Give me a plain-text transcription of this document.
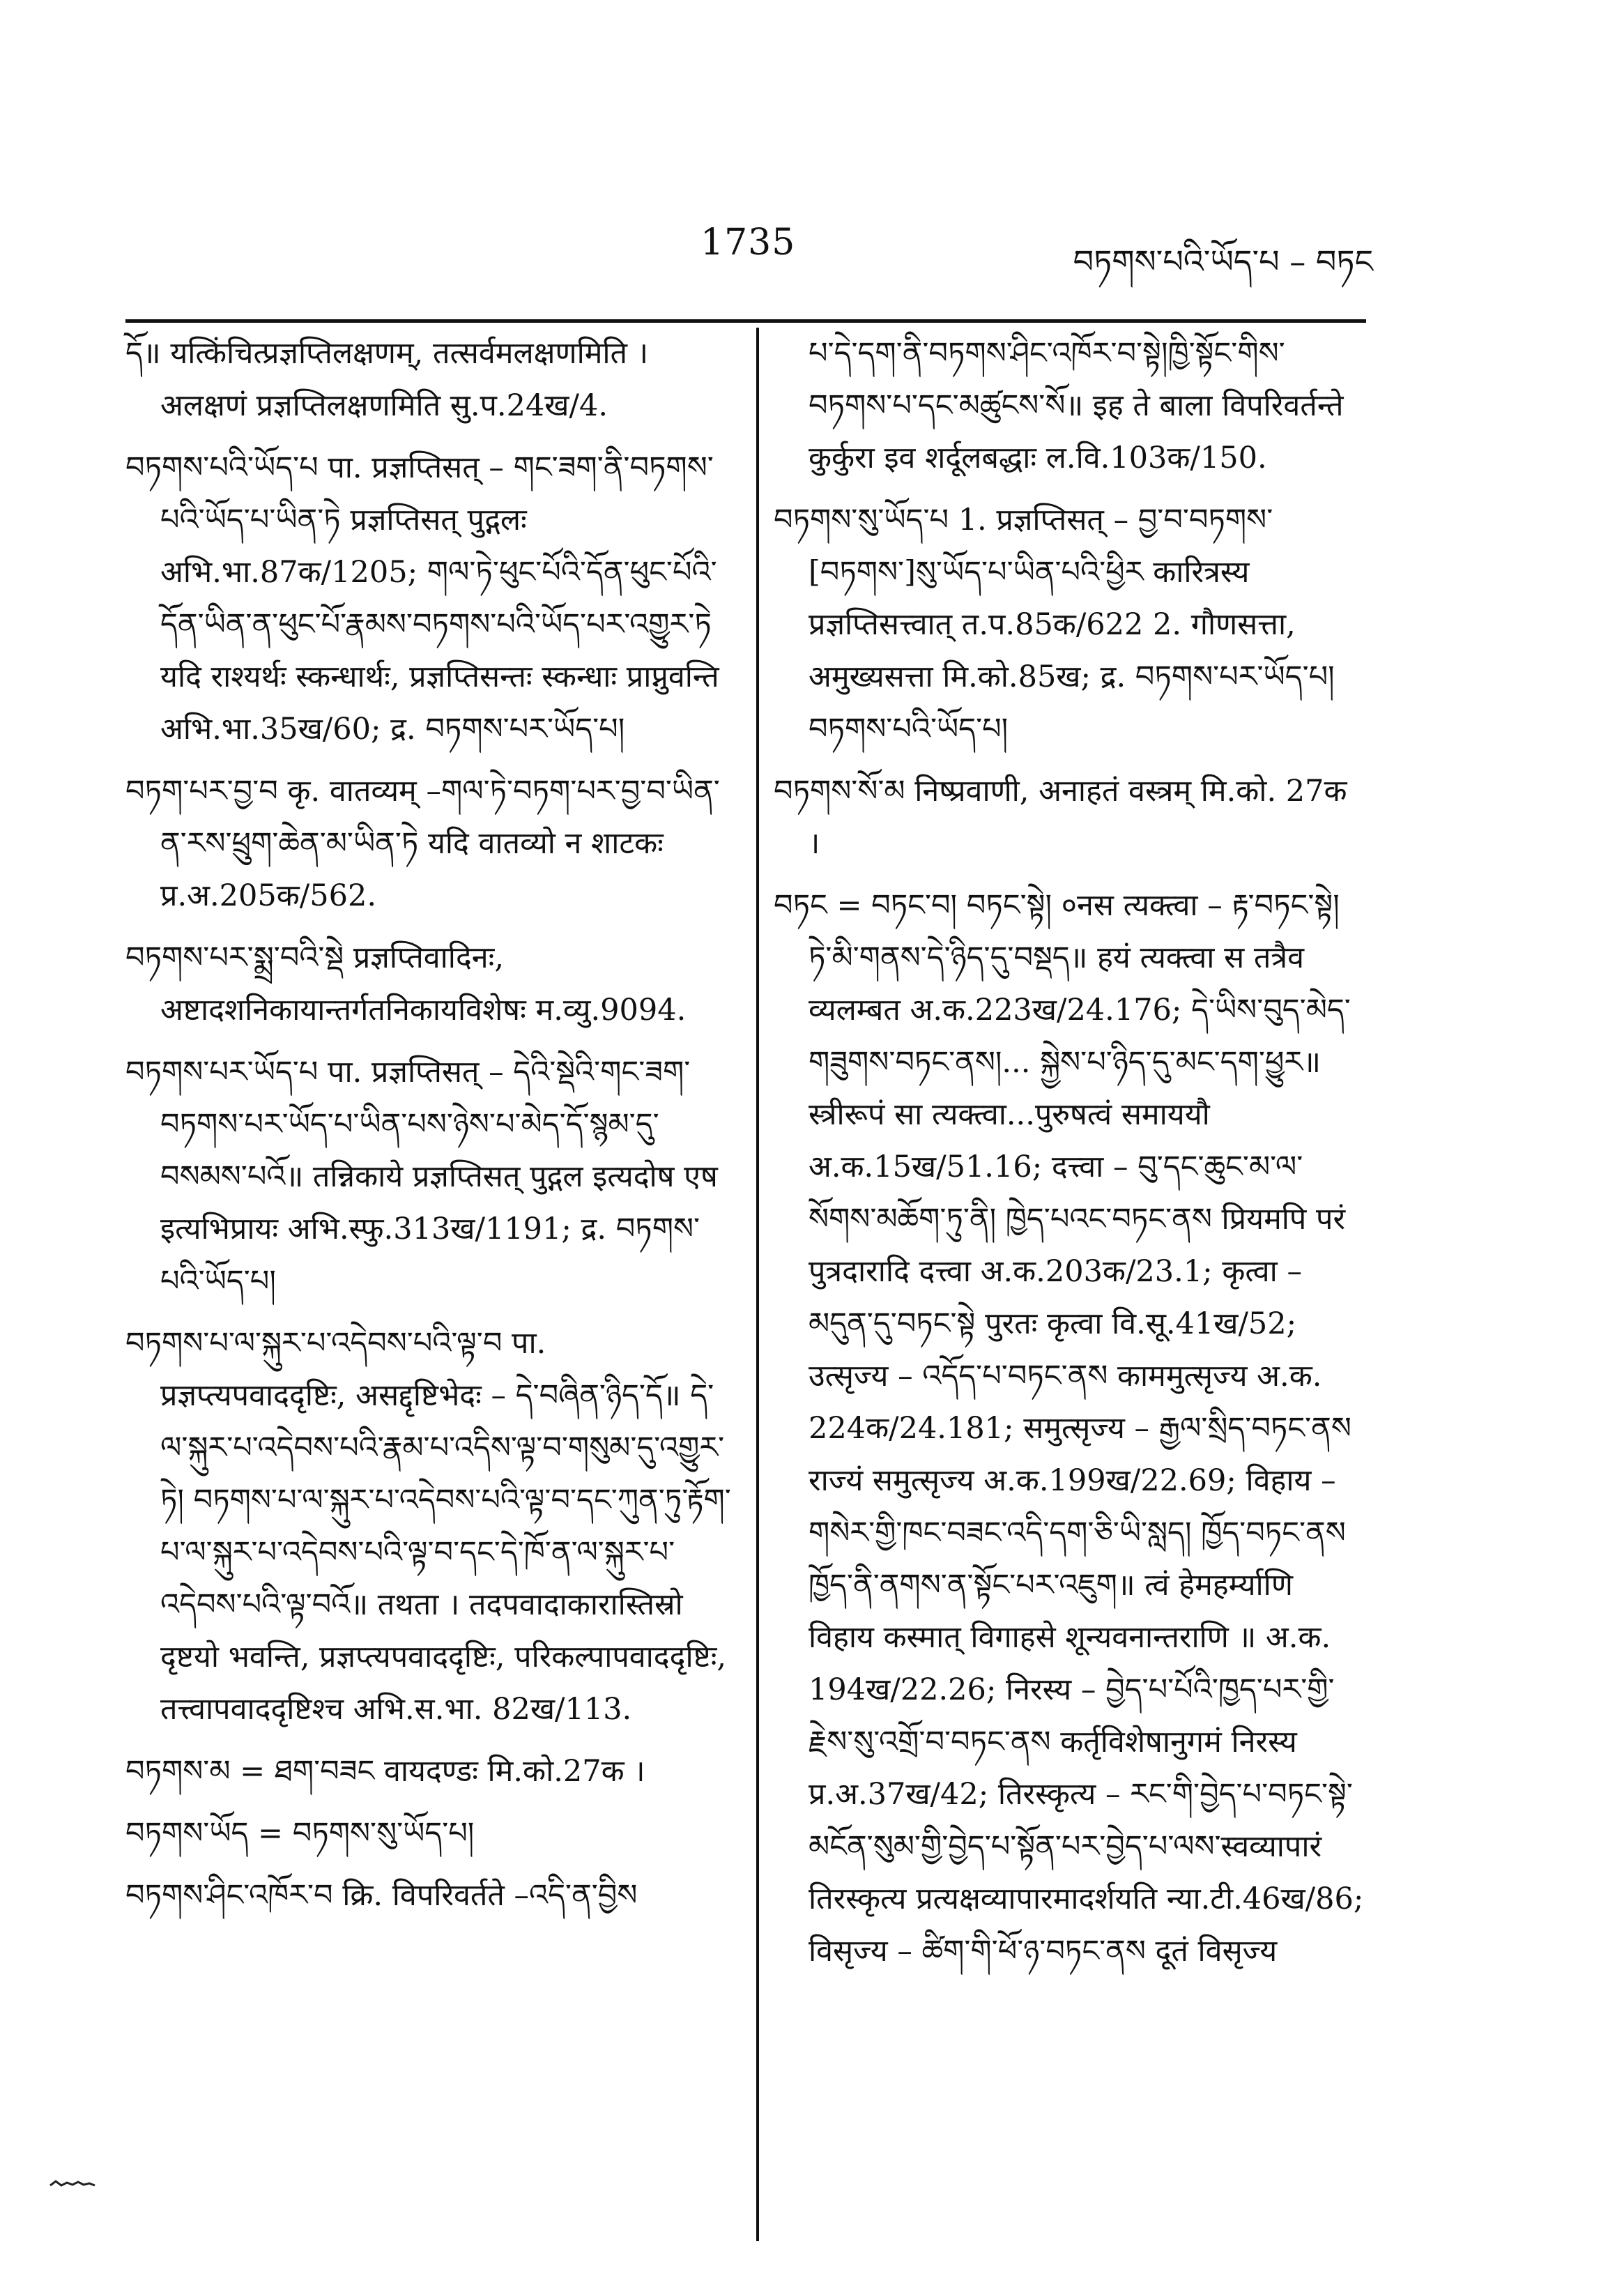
1735	བཏགས་པའི་ཡོད་པ – བཏང

དོ॥ यत्किंचित्प्रज्ञप्तिलक्षणम्, तत्सर्वमलक्षणमिति । अलक्षणं प्रज्ञप्तिलक्षणमिति सु.प.24ख/4.

བཏགས་པའི་ཡོད་པ पा. प्रज्ञप्तिसत् – གང་ཟག་ནི་བཏགས་པའི་ཡོད་པ་ཡིན་ཏེ प्रज्ञप्तिसत् पुद्गलः अभि.भा.87क/1205; གལ་ཏེ་ཕུང་པོའི་དོན་ཕུང་པོའི་དོན་ཡིན་ན་ཕུང་པོ་རྣམས་བཏགས་པའི་ཡོད་པར་འགྱུར་ཏེ यदि राश्यर्थः स्कन्धार्थः, प्रज्ञप्तिसन्तः स्कन्धाः प्राप्नुवन्ति अभि.भा.35ख/60; द्र. བཏགས་པར་ཡོད་པ།

བཏག་པར་བྱ་བ कृ. वातव्यम् –གལ་ཏེ་བཏག་པར་བྱ་བ་ཡིན་ན་རས་ཕྲུག་ཆེན་མ་ཡིན་ཏེ यदि वातव्यो न शाटकः प्र.अ.205क/562.

བཏགས་པར་སྨྲ་བའི་སྡེ प्रज्ञप्तिवादिनः, अष्टादशनिकायान्तर्गतनिकायविशेषः म.व्यु.9094.

བཏགས་པར་ཡོད་པ पा. प्रज्ञप्तिसत् – དེའི་སྡེའི་གང་ཟག་བཏགས་པར་ཡོད་པ་ཡིན་པས་ཉེས་པ་མེད་དོ་སྙམ་དུ་བསམས་པའོ॥ तन्निकाये प्रज्ञप्तिसत् पुद्गल इत्यदोष एष इत्यभिप्रायः अभि.स्फु.313ख/1191; द्र. བཏགས་པའི་ཡོད་པ།

བཏགས་པ་ལ་སྐུར་པ་འདེབས་པའི་ལྟ་བ पा. प्रज्ञप्त्यपवाददृष्टिः, असद्दृष्टिभेदः – དེ་བཞིན་ཉིད་དོ॥ དེ་ལ་སྐུར་པ་འདེབས་པའི་རྣམ་པ་འདིས་ལྟ་བ་གསུམ་དུ་འགྱུར་ཏེ། བཏགས་པ་ལ་སྐུར་པ་འདེབས་པའི་ལྟ་བ་དང་ཀུན་ཏུ་རྟོག་པ་ལ་སྐུར་པ་འདེབས་པའི་ལྟ་བ་དང་དེ་ཁོ་ན་ལ་སྐུར་པ་འདེབས་པའི་ལྟ་བའོ॥ तथता । तदपवादाकारास्तिस्रो दृष्टयो भवन्ति, प्रज्ञप्त्यपवाददृष्टिः, परिकल्पापवाददृष्टिः, तत्त्वापवाददृष्टिश्च अभि.स.भा. 82ख/113.

བཏགས་མ = ཐག་བཟང वायदण्डः मि.को.27क ।

བཏགས་ཡོད = བཏགས་སུ་ཡོད་པ།

བཏགས་ཤིང་འཁོར་བ क्रि. विपरिवर्तते –འདི་ན་བྱིས

པ་དེ་དག་ནི་བཏགས་ཤིང་འཁོར་བ་སྟེ།ཁྱི་སྟོང་གིས་བཏགས་པ་དང་མཚུངས་སོ॥ इह ते बाला विपरिवर्तन्ते कुर्कुरा इव शर्दूलबद्धाः ल.वि.103क/150.

བཏགས་སུ་ཡོད་པ 1. प्रज्ञप्तिसत् – བྱ་བ་བཏགས་[བཏགས་]སུ་ཡོད་པ་ཡིན་པའི་ཕྱིར कारित्रस्य प्रज्ञप्तिसत्त्वात् त.प.85क/622 2. गौणसत्ता, अमुख्यसत्ता मि.को.85ख; द्र. བཏགས་པར་ཡོད་པ། བཏགས་པའི་ཡོད་པ།

བཏགས་སོ་མ निष्प्रवाणी, अनाहतं वस्त्रम् मि.को. 27क ।

བཏང = བཏང་བ། བཏང་སྟེ། ०नस त्यक्त्वा – རྟ་བཏང་སྟེ། ཏེ་མི་གནས་དེ་ཉིད་དུ་བསྡད॥ हयं त्यक्त्वा स तत्रैव व्यलम्बत अ.क.223ख/24.176; དེ་ཡིས་བུད་མེད་གཟུགས་བཏང་ནས།... སྐྱེས་པ་ཉིད་དུ་མང་དག་ཕྱུར॥ स्त्रीरूपं सा त्यक्त्वा...पुरुषत्वं समाययौ अ.क.15ख/51.16; दत्त्वा – བུ་དང་ཆུང་མ་ལ་སོགས་མཆོག་ཏུ་ནི། ཁྱེད་པའང་བཏང་ནས प्रियमपि परं पुत्रदारादि दत्त्वा अ.क.203क/23.1; कृत्वा – མདུན་དུ་བཏང་སྟེ पुरतः कृत्वा वि.सू.41ख/52; उत्सृज्य – འདོད་པ་བཏང་ནས काममुत्सृज्य अ.क. 224क/24.181; समुत्सृज्य – རྒྱལ་སྲིད་བཏང་ནས राज्यं समुत्सृज्य अ.क.199ख/22.69; विहाय – གསེར་གྱི་ཁང་བཟང་འདི་དག་ཅི་ཡི་སླད། ཁྱོད་བཏང་ནས ཁྱོད་ནི་ནགས་ན་སྟོང་པར་འཇུག॥ त्वं हेमहर्म्याणि विहाय कस्मात् विगाहसे शून्यवनान्तराणि ॥ अ.क. 194ख/22.26; निरस्य – བྱེད་པ་པོའི་ཁྱད་པར་གྱི་རྗེས་སུ་འགྲོ་བ་བཏང་ནས कर्तृविशेषानुगमं निरस्य प्र.अ.37ख/42; तिरस्कृत्य – རང་གི་བྱེད་པ་བཏང་སྟེ་མངོན་སུམ་གྱི་བྱེད་པ་སྟོན་པར་བྱེད་པ་ལས་स्वव्यापारं तिरस्कृत्य प्रत्यक्षव्यापारमादर्शयति न्या.टी.46ख/86; विसृज्य – ཚིག་གི་ཕོ་ཉ་བཏང་ནས दूतं विसृज्य
